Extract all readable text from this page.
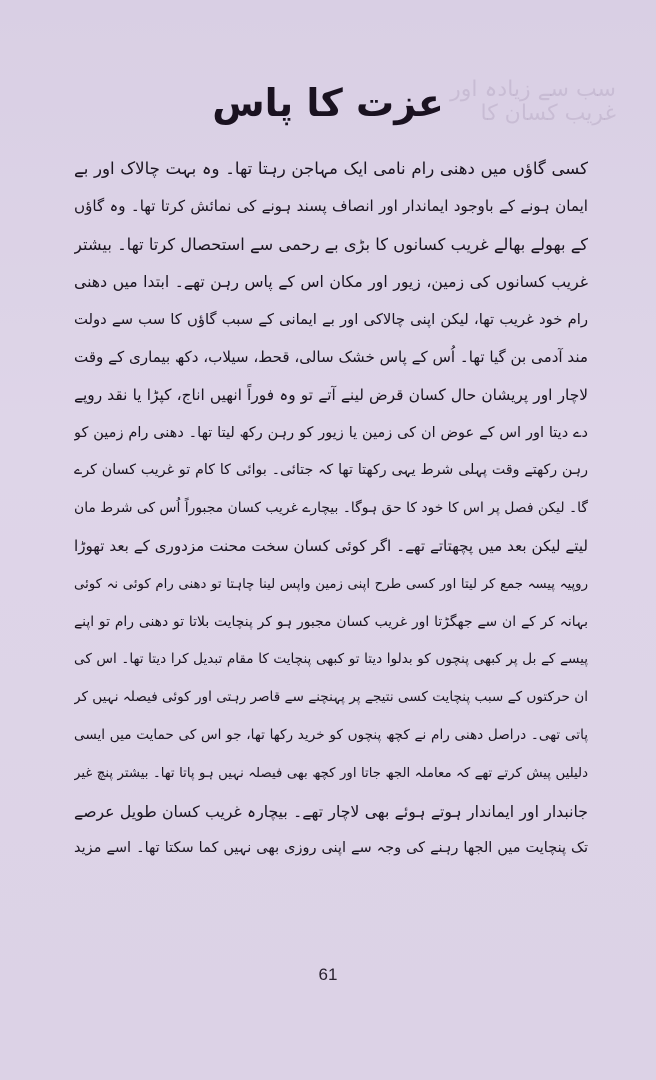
سب سے زیادہ اور غریب کسان کا
عزت کا پاس
کسی گاؤں میں دھنی رام نامی ایک مہاجن رہتا تھا۔ وہ بہت چالاک اور بے
ایمان ہونے کے باوجود ایماندار اور انصاف پسند ہونے کی نمائش کرتا تھا۔ وہ گاؤں
کے بھولے بھالے غریب کسانوں کا بڑی بے رحمی سے استحصال کرتا تھا۔ بیشتر
غریب کسانوں کی زمین، زیور اور مکان اس کے پاس رہن تھے۔ ابتدا میں دھنی
رام خود غریب تھا، لیکن اپنی چالاکی اور بے ایمانی کے سبب گاؤں کا سب سے دولت
مند آدمی بن گیا تھا۔ اُس کے پاس خشک سالی، قحط، سیلاب، دکھ بیماری کے وقت
لاچار اور پریشان حال کسان قرض لینے آتے تو وہ فوراً انھیں اناج، کپڑا یا نقد روپے
دے دیتا اور اس کے عوض ان کی زمین یا زیور کو رہن رکھ لیتا تھا۔ دھنی رام زمین کو
رہن رکھتے وقت پہلی شرط یہی رکھتا تھا کہ جتائی۔ بوائی کا کام تو غریب کسان کرے
گا۔ لیکن فصل پر اس کا خود کا حق ہوگا۔ بیچارے غریب کسان مجبوراً اُس کی شرط مان
لیتے لیکن بعد میں پچھتاتے تھے۔ اگر کوئی کسان سخت محنت مزدوری کے بعد تھوڑا
روپیہ پیسہ جمع کر لیتا اور کسی طرح اپنی زمین واپس لینا چاہتا تو دھنی رام کوئی نہ کوئی
بہانہ کر کے ان سے جھگڑتا اور غریب کسان مجبور ہو کر پنچایت بلاتا تو دھنی رام تو اپنے
پیسے کے بل پر کبھی پنچوں کو بدلوا دیتا تو کبھی پنچایت کا مقام تبدیل کرا دیتا تھا۔ اس کی
ان حرکتوں کے سبب پنچایت کسی نتیجے پر پہنچنے سے قاصر رہتی اور کوئی فیصلہ نہیں کر
پاتی تھی۔ دراصل دھنی رام نے کچھ پنچوں کو خرید رکھا تھا، جو اس کی حمایت میں ایسی
دلیلیں پیش کرتے تھے کہ معاملہ الجھ جاتا اور کچھ بھی فیصلہ نہیں ہو پاتا تھا۔ بیشتر پنچ غیر
جانبدار اور ایماندار ہوتے ہوئے بھی لاچار تھے۔ بیچارہ غریب کسان طویل عرصے
تک پنچایت میں الجھا رہنے کی وجہ سے اپنی روزی بھی نہیں کما سکتا تھا۔ اسے مزید
61
